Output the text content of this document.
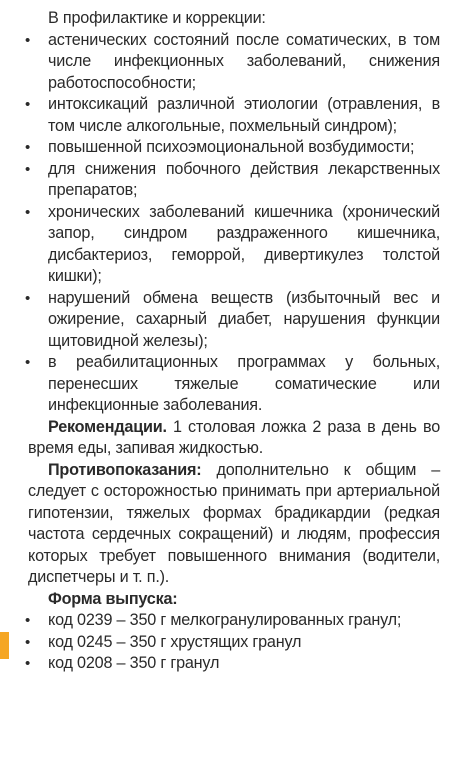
В профилактике и коррекции:

• астенических состояний после соматических, в том числе инфекционных заболеваний, снижения работоспособности;
• интоксикаций различной этиологии (отравления, в том числе алкогольные, похмельный синдром);
• повышенной психоэмоциональной возбудимости;
• для снижения побочного действия лекарственных препаратов;
• хронических заболеваний кишечника (хронический запор, синдром раздраженного кишечника, дисбактериоз, геморрой, дивертикулез толстой кишки);
• нарушений обмена веществ (избыточный вес и ожирение, сахарный диабет, нарушения функции щитовидной железы);
• в реабилитационных программах у больных, перенесших тяжелые соматические или инфекционные заболевания.

Рекомендации. 1 столовая ложка 2 раза в день во время еды, запивая жидкостью.

Противопоказания: дополнительно к общим – следует с осторожностью принимать при артериальной гипотензии, тяжелых формах брадикардии (редкая частота сердечных сокращений) и людям, профессия которых требует повышенного внимания (водители, диспетчеры и т. п.).

Форма выпуска:

• код 0239 – 350 г мелкогранулированных гранул;
• код 0245 – 350 г хрустящих гранул
• код 0208 – 350 г гранул
